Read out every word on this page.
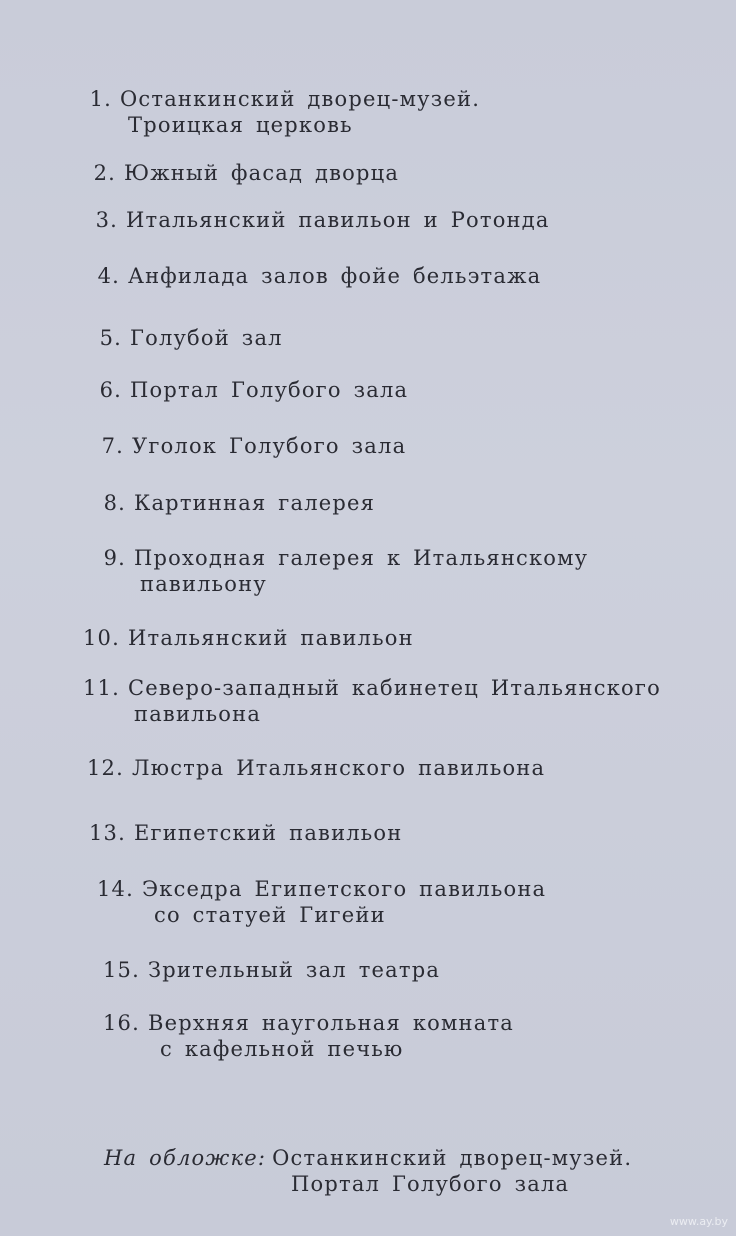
1. Останкинский дворец-музей.
Троицкая церковь
2. Южный фасад дворца
3. Итальянский павильон и Ротонда
4. Анфилада залов фойе бельэтажа
5. Голубой зал
6. Портал Голубого зала
7. Уголок Голубого зала
8. Картинная галерея
9. Проходная галерея к Итальянскому
павильону
10. Итальянский павильон
11. Северо-западный кабинетец Итальянского
павильона
12. Люстра Итальянского павильона
13. Египетский павильон
14. Экседра Египетского павильона
со статуей Гигейи
15. Зрительный зал театра
16. Верхняя наугольная комната
с кафельной печью
На обложке: Останкинский дворец-музей.
Портал Голубого зала
www.ay.by
